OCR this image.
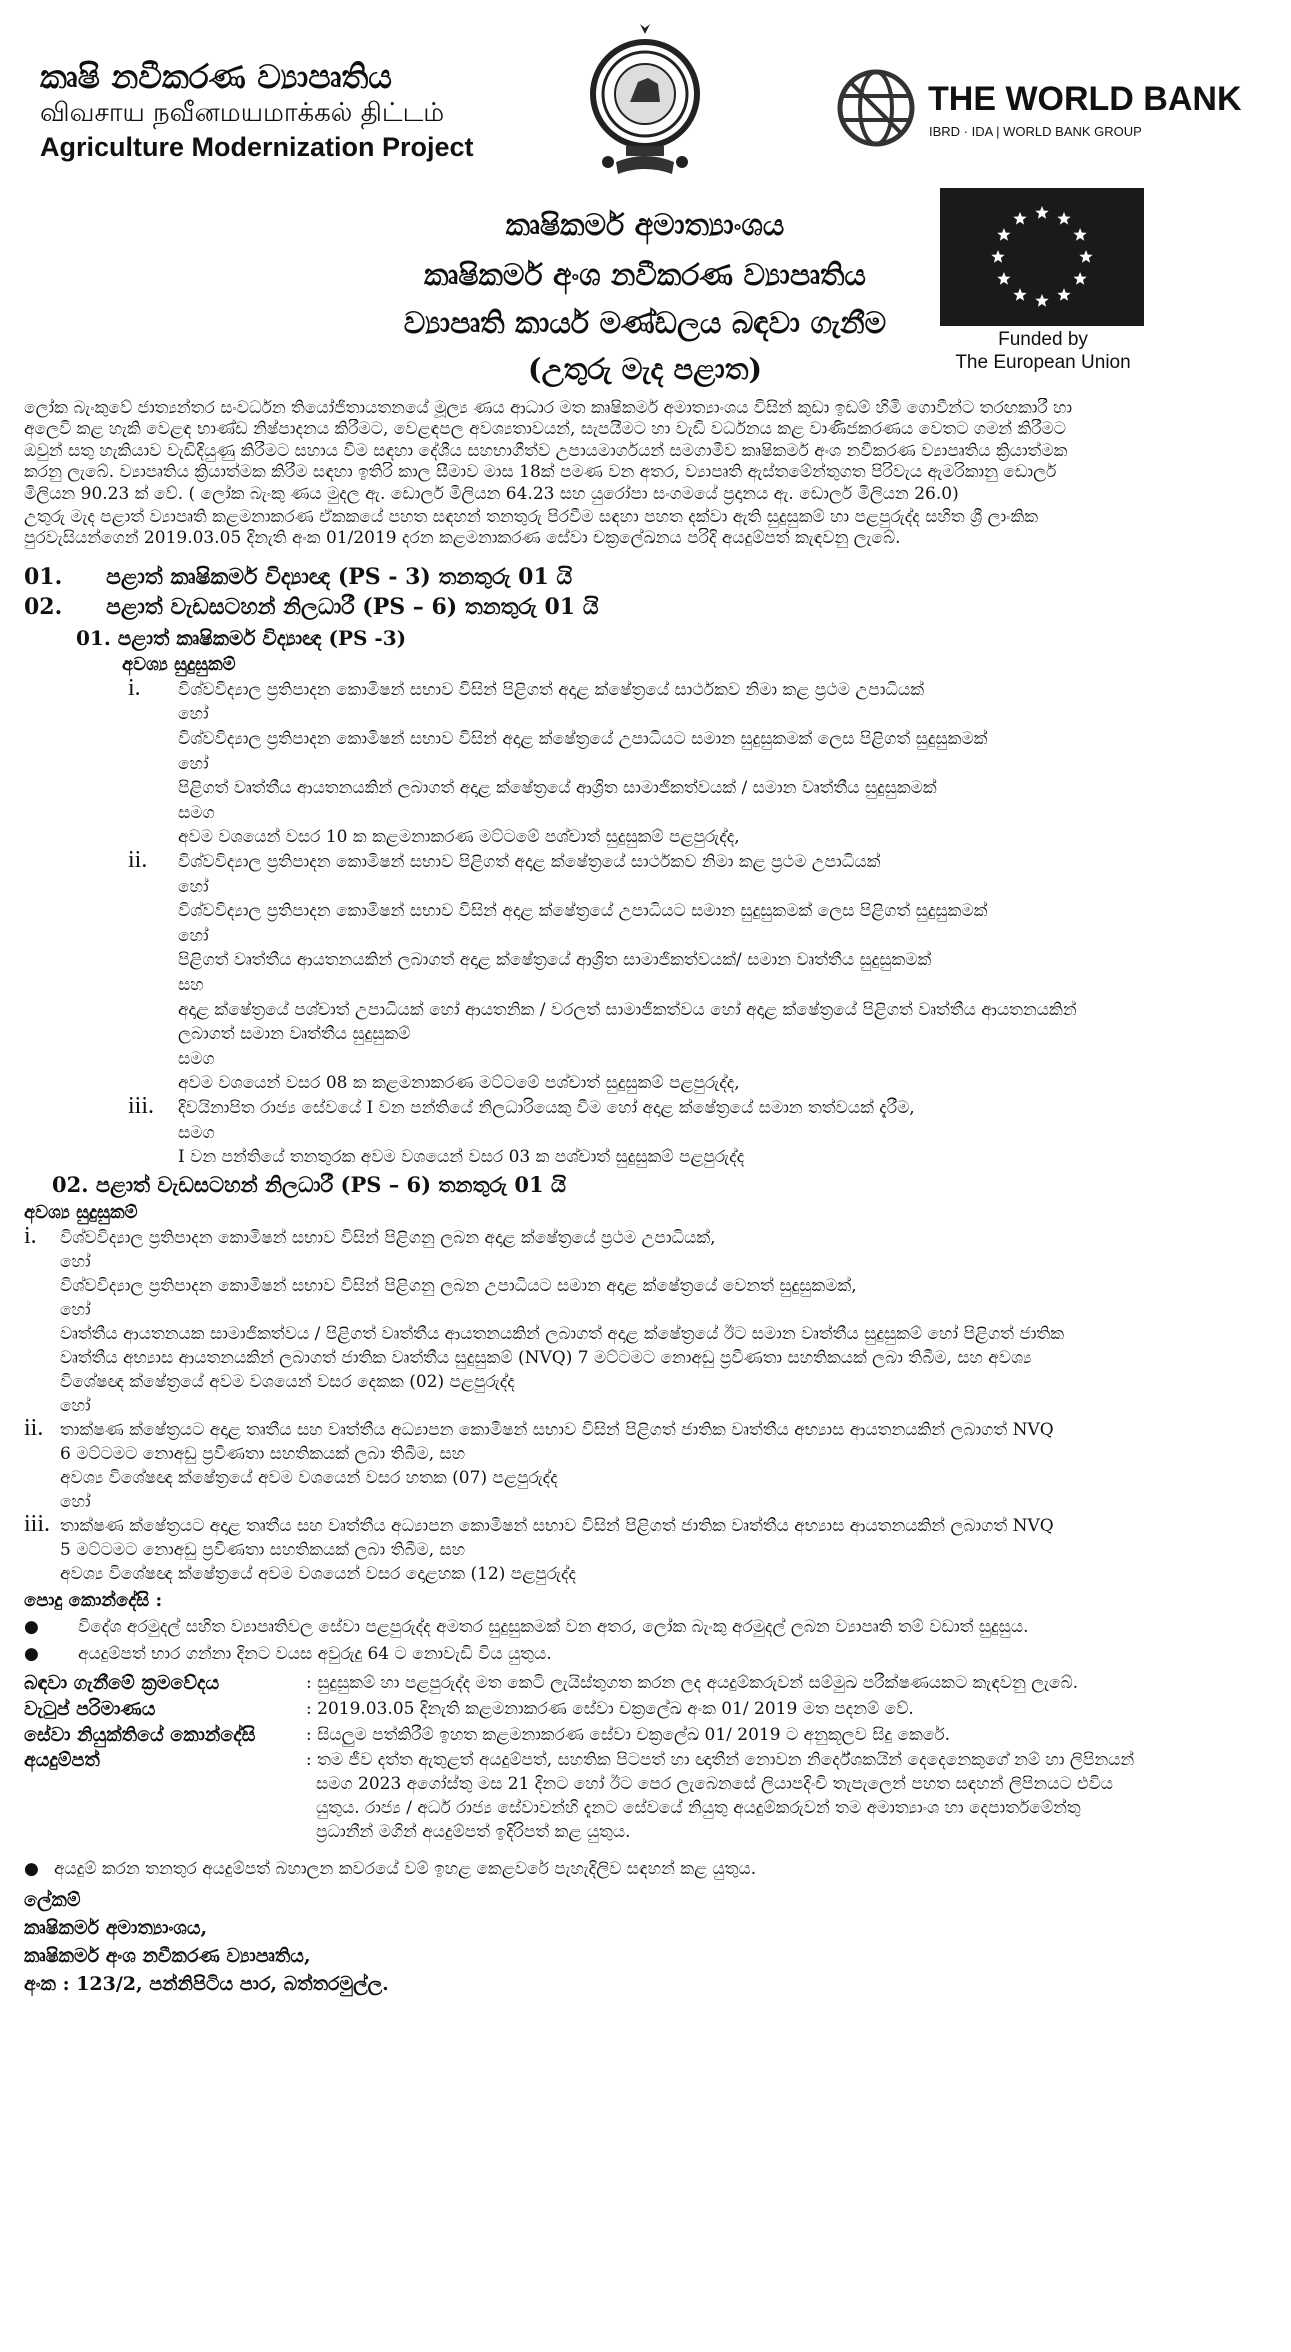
කෘෂි නවීකරණ ව්‍යාපෘතිය
விவசாய நவீனமயமாக்கல் திட்டம்
Agriculture Modernization Project
THE WORLD BANK
IBRD · IDA | WORLD BANK GROUP
Funded by
The European Union
කෘෂිකර්ම අමාත්‍යාංශය
කෘෂිකර්ම අංශ නවීකරණ ව්‍යාපෘතිය
ව්‍යාපෘති කාර්ය මණ්ඩලය බඳවා ගැනීම
(උතුරු මැද පළාත)
ලෝක බැංකුවේ ජාත්‍යන්තර සංවර්ධන තියෝජිතායතනයේ මූල්‍ය ණය ආධාර මත කෘෂිකර්ම අමාත්‍යාංශය විසින් කුඩා ඉඩම් හිමි ගොවීන්ට තරඟකාරී හා
අලෙවි කළ හැකි වෙළඳ භාණ්ඩ නිෂ්පාදනය කිරීමට, වෙළඳපල අවශ්‍යතාවයන්, සැපයීමට හා වැඩි වර්ධනය කළ වාණිජකරණය වෙතට ගමන් කිරීමට
ඔවුන් සතු හැකියාව වැඩිදියුණු කිරීමට සහාය වීම සඳහා දේශීය සහභාගීත්ව උපායමාර්ගයන් සමගාමීව කෘෂිකර්ම අංශ නවීකරණ ව්‍යාපෘතිය ක්‍රියාත්මක
කරනු ලැබේ. ව්‍යාපෘතිය ක්‍රියාත්මක කිරීම සඳහා ඉතිරි කාල සීමාව මාස 18ක් පමණ වන අතර, ව්‍යාපෘති ඇස්තමේන්තුගත පිරිවැය ඇමරිකානු ඩොලර්
මිලියන 90.23 ක් වේ. ( ලෝක බැංකු ණය මුදල ඇ. ඩොලර් මිලියන 64.23 සහ යුරෝපා සංගමයේ ප්‍රදානය ඇ. ඩොලර් මිලියන 26.0)
උතුරු මැද පළාත් ව්‍යාපෘති කළමනාකරණ ඒකකයේ පහත සඳහන් තනතුරු පිරවීම සඳහා පහත දක්වා ඇති සුදුසුකම් හා පළපුරුද්ද සහිත ශ්‍රී ලාංකික
පුරවැසියන්ගෙන් 2019.03.05 දිනැති අංක 01/2019 දරන කළමනාකරණ සේවා චක්‍රලේඛනය පරිදි අයදුම්පත් කැඳවනු ලැබේ.
01.	පළාත් කෘෂිකර්ම විද්‍යාඥ (PS - 3) තනතුරු 01 යි
02.	පළාත් වැඩසටහන් නිලධාරී (PS – 6) තනතුරු 01 යි
01. පළාත් කෘෂිකර්ම විද්‍යාඥ (PS -3)
අවශ්‍ය සුදුසුකම්
i.	විශ්වවිද්‍යාල ප්‍රතිපාදන කොමිෂන් සභාව විසින් පිළිගත් අදාළ ක්ෂේත්‍රයේ සාර්ථකව නිමා කළ ප්‍රථම උපාධියක්
හෝ
විශ්වවිද්‍යාල ප්‍රතිපාදන කොමිෂන් සභාව විසින් අදාළ ක්ෂේත්‍රයේ උපාධියට සමාන සුදුසුකමක් ලෙස පිළිගත් සුදුසුකමක්
හෝ
පිළිගත් වෘත්තීය ආයතනයකින් ලබාගත් අදාළ ක්ෂේත්‍රයේ ආශ්‍රිත සාමාජිකත්වයක් / සමාන වෘත්තීය සුදුසුකමක්
සමග
අවම වශයෙන් වසර 10 ක කළමනාකරණ මට්ටමේ පශ්චාත් සුදුසුකම් පළපුරුද්ද,
ii.	විශ්වවිද්‍යාල ප්‍රතිපාදන කොමිෂන් සභාව පිළිගත් අදාළ ක්ෂේත්‍රයේ සාර්ථකව නිමා කළ ප්‍රථම උපාධියක්
හෝ
විශ්වවිද්‍යාල ප්‍රතිපාදන කොමිෂන් සභාව විසින් අදාළ ක්ෂේත්‍රයේ උපාධියට සමාන සුදුසුකමක් ලෙස පිළිගත් සුදුසුකමක්
හෝ
පිළිගත් වෘත්තීය ආයතනයකින් ලබාගත් අදාළ ක්ෂේත්‍රයේ ආශ්‍රිත සාමාජිකත්වයක්/ සමාන වෘත්තීය සුදුසුකමක්
සහ
අදාළ ක්ෂේත්‍රයේ පශ්චාත් උපාධියක් හෝ ආයතනික / වරලත් සාමාජිකත්වය හෝ අදාළ ක්ෂේත්‍රයේ පිළිගත් වෘත්තීය ආයතනයකින්
ලබාගත් සමාන වෘත්තීය සුදුසුකම්
සමග
අවම වශයෙන් වසර 08 ක කළමනාකරණ මට්ටමේ පශ්චාත් සුදුසුකම් පළපුරුද්ද,
iii.	දිවයිනාපිත රාජ්‍ය සේවයේ I වන පන්තියේ නිලධාරියෙකු වීම හෝ අදාළ ක්ෂේත්‍රයේ සමාන තත්වයක් දැරීම,
සමග
I වන පන්තියේ තනතුරක අවම වශයෙන් වසර 03 ක පශ්චාත් සුදුසුකම් පළපුරුද්ද
02. පළාත් වැඩසටහන් නිලධාරී (PS – 6) තනතුරු 01 යි
අවශ්‍ය සුදුසුකම්
i.	විශ්වවිද්‍යාල ප්‍රතිපාදන කොමිෂන් සභාව විසින් පිළිගනු ලබන අදාළ ක්ෂේත්‍රයේ ප්‍රථම උපාධියක්,
හෝ
විශ්වවිද්‍යාල ප්‍රතිපාදන කොමිෂන් සභාව විසින් පිළිගනු ලබන උපාධියට සමාන අදාළ ක්ෂේත්‍රයේ වෙනත් සුදුසුකමක්,
හෝ
වෘත්තීය ආයතනයක සාමාජිකත්වය / පිළිගත් වෘත්තීය ආයතනයකින් ලබාගත් අදාළ ක්ෂේත්‍රයේ ඊට සමාන වෘත්තීය සුදුසුකම් හෝ පිළිගත් ජාතික
වෘත්තීය අභ්‍යාස ආයතනයකින් ලබාගත් ජාතික වෘත්තීය සුදුසුකම් (NVQ) 7 මට්ටමට නොඅඩු ප්‍රවීණතා සහතිකයක් ලබා තිබීම, සහ අවශ්‍ය
විශේෂඥ ක්ෂේත්‍රයේ අවම වශයෙන් වසර දෙකක (02) පළපුරුද්ද
හෝ
ii. තාක්ෂණ ක්ෂේත්‍රයට අදාළ තෘතීය සහ වෘත්තීය අධ්‍යාපන කොමිෂන් සභාව විසින් පිළිගත් ජාතික වෘත්තීය අභ්‍යාස ආයතනයකින් ලබාගත් NVQ
6 මට්ටමට නොඅඩු ප්‍රවීණතා සහතිකයක් ලබා තිබීම, සහ
අවශ්‍ය විශේෂඥ ක්ෂේත්‍රයේ අවම වශයෙන් වසර හතක (07) පළපුරුද්ද
හෝ
iii. තාක්ෂණ ක්ෂේත්‍රයට අදාළ තෘතීය සහ වෘත්තීය අධ්‍යාපන කොමිෂන් සභාව විසින් පිළිගත් ජාතික වෘත්තීය අභ්‍යාස ආයතනයකින් ලබාගත් NVQ
5 මට්ටමට නොඅඩු ප්‍රවීණතා සහතිකයක් ලබා තිබීම, සහ
අවශ්‍ය විශේෂඥ ක්ෂේත්‍රයේ අවම වශයෙන් වසර දොළහක (12) පළපුරුද්ද
පොදු කොන්දේසි :
● විදේශ අරමුදල් සහිත ව්‍යාපෘතිවල සේවා පළපුරුද්ද අමතර සුදුසුකමක් වන අතර, ලෝක බැංකු අරමුදල් ලබන ව්‍යාපෘති තම් වඩාත් සුදුසුය.
● අයදුම්පත් භාර ගන්නා දිනට වයස අවුරුදු 64 ට නොවැඩි විය යුතුය.
බඳවා ගැනීමේ ක්‍රමවේදය	: සුදුසුකම් හා පළපුරුද්ද මත කෙටි ලැයිස්තුගත කරන ලද අයදුම්කරුවන් සම්මුඛ පරීක්ෂණයකට කැඳවනු ලැබේ.
වැටුප් පරිමාණය	: 2019.03.05 දිනැති කළමනාකරණ සේවා චක්‍රලේඛ අංක 01/ 2019 මත පදනම් වේ.
සේවා නියුක්තියේ කොන්දේසි	: සියලුම පත්කිරීම් ඉහත කළමනාකරණ සේවා චක්‍රලේඛ 01/ 2019 ට අනුකූලව සිදු කෙරේ.
අයදුම්පත්	: තම ජීව දත්ත ඇතුළත් අයදුම්පත්, සහතික පිටපත් හා ඥාතීන් නොවන නිර්දේශකයින් දෙදෙනෙකුගේ නම් හා ලිපිනයන්
සමග 2023 අගෝස්තු මස 21 දිනට හෝ ඊට පෙර ලැබෙනසේ ලියාපදිංචි තැපැලෙන් පහත සඳහන් ලිපිනයට එවිය
යුතුය. රාජ්‍ය / අර්ධ රාජ්‍ය සේවාවන්හි දැනට සේවයේ නියුතු අයදුම්කරුවන් තම අමාත්‍යාංශ හා දෙපාර්තමේන්තු
ප්‍රධානීන් මගින් අයදුම්පත් ඉදිරිපත් කළ යුතුය.
● අයදුම් කරන තනතුර අයදුම්පත් බහාලන කවරයේ වම් ඉහළ කෙළවරේ පැහැදිලිව සඳහන් කළ යුතුය.
ලේකම්
කෘෂිකර්ම අමාත්‍යාංශය,
කෘෂිකර්ම අංශ නවීකරණ ව්‍යාපෘතිය,
අංක : 123/2, පන්නිපිටිය පාර, බත්තරමුල්ල.
